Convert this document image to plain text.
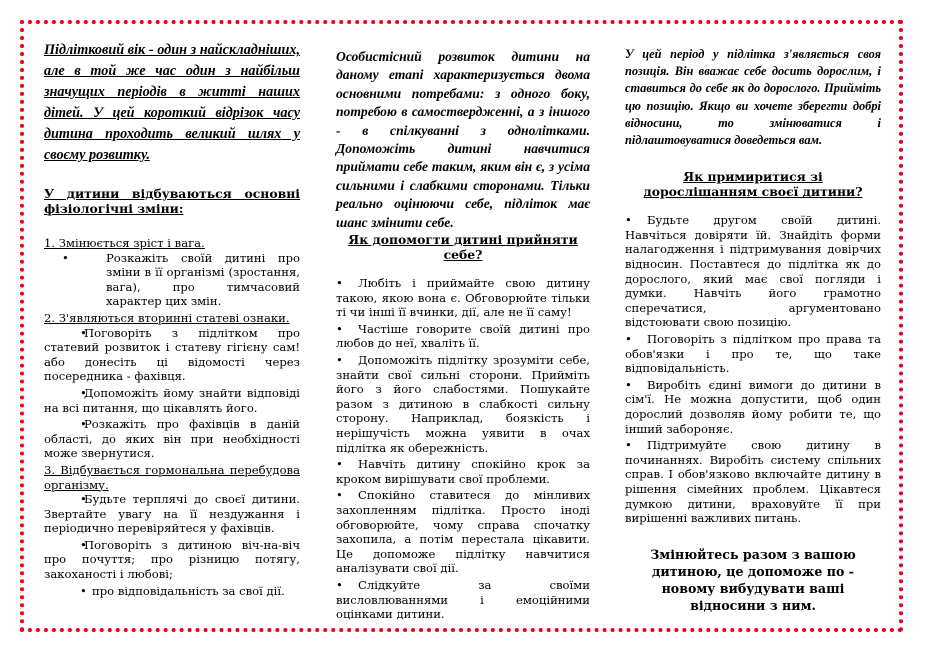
Підлітковий вік - один з найскладніших, але в той же час один з найбільш значущих періодів в житті наших дітей. У цей короткий відрізок часу дитина проходить великий шлях у своєму розвитку.

У дитини відбуваються основні фізіологічні зміни:

1. Змінюється зріст і вага.

• Розкажіть своїй дитині про зміни в її організмі (зростання, вага), про тимчасовий характер цих змін.

2. З'являються вторинні статеві ознаки.

• Поговоріть з підлітком про статевий розвиток і статеву гігієну сам! або донесіть ці відомості через посередника - фахівця.

• Допоможіть йому знайти відповіді на всі питання, що цікавлять його.

• Розкажіть про фахівців в даній області, до яких він при необхідності може звернутися.

3. Відбувається гормональна перебудова організму.

• Будьте терплячі до своєї дитини. Звертайте увагу на її нездужання і періодично перевіряйтеся у фахівців.

• Поговоріть з дитиною віч-на-віч про почуття; про різницю потягу, закоханості і любові;

• про відповідальність за свої дії.

Особистісний розвиток дитини на даному етапі характеризується двома основними потребами: з одного боку, потребою в самоствердженні, а з іншого - в спілкуванні з однолітками. Допоможіть дитині навчитися приймати себе таким, яким він є, з усіма сильними і слабкими сторонами. Тільки реально оцінюючи себе, підліток має шанс змінити себе.

Як допомогти дитині прийняти себе?

• Любіть і приймайте свою дитину такою, якою вона є. Обговорюйте тільки ті чи інші її вчинки, дії, але не її саму!

• Частіше говорите своїй дитині про любов до неї, хваліть її.

• Допоможіть підлітку зрозуміти себе, знайти свої сильні сторони. Прийміть його з його слабостями. Пошукайте разом з дитиною в слабкості сильну сторону. Наприклад, боязкість і нерішучість можна уявити в очах підлітка як обережність.

• Навчіть дитину спокійно крок за кроком вирішувати свої проблеми.

• Спокійно ставитеся до мінливих захопленням підлітка. Просто іноді обговорюйте, чому справа спочатку захопила, а потім перестала цікавити. Це допоможе підлітку навчитися аналізувати свої дії.

• Слідкуйте за своїми висловлюваннями і емоційними оцінками дитини.

У цей період у підлітка з'являється своя позиція. Він вважає себе досить дорослим, і ставиться до себе як до дорослого. Прийміть цю позицію. Якщо ви хочете зберегти добрі відносини, то змінюватися і підлаштовуватися доведеться вам.

Як примиритися зі дорослішанням своєї дитини?

• Будьте другом своїй дитині. Навчіться довіряти їй. Знайдіть форми налагодження і підтримування довірчих відносин. Поставтеся до підлітка як до дорослого, який має свої погляди і думки. Навчіть його грамотно сперечатися, аргументовано відстоювати свою позицію.

• Поговоріть з підлітком про права та обов'язки і про те, що таке відповідальність.

• Виробіть єдині вимоги до дитини в сім'ї. Не можна допустити, щоб один дорослий дозволяв йому робити те, що інший забороняє.

• Підтримуйте свою дитину в починаннях. Виробіть систему спільних справ. І обов'язково включайте дитину в рішення сімейних проблем. Цікавтеся думкою дитини, враховуйте її при вирішенні важливих питань.

Змінюйтесь разом з вашою дитиною, це допоможе по - новому вибудувати ваші відносини з ним.
